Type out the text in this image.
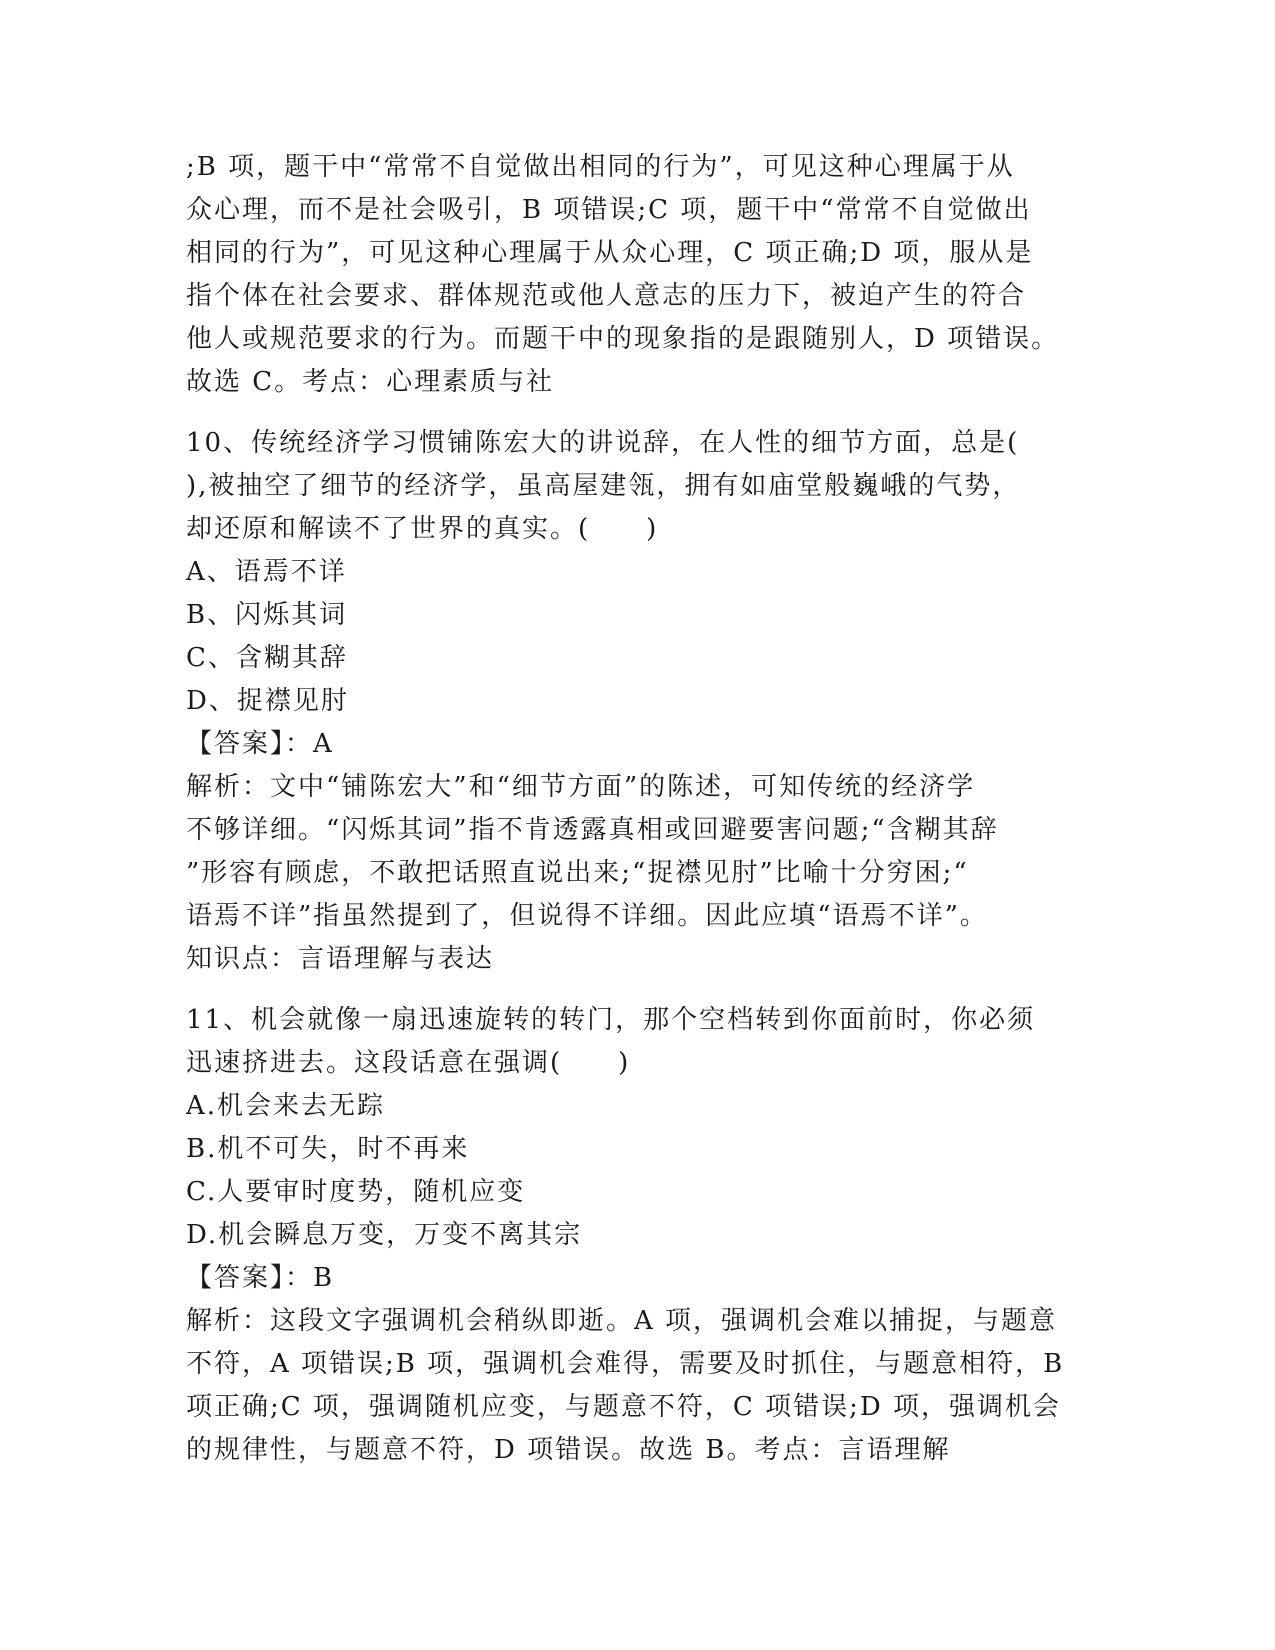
;B 项，题干中“常常不自觉做出相同的行为”，可见这种心理属于从
众心理，而不是社会吸引，B 项错误;C 项，题干中“常常不自觉做出
相同的行为”，可见这种心理属于从众心理，C 项正确;D 项，服从是
指个体在社会要求、群体规范或他人意志的压力下，被迫产生的符合
他人或规范要求的行为。而题干中的现象指的是跟随别人，D 项错误。
故选 C。考点：心理素质与社
10、传统经济学习惯铺陈宏大的讲说辞，在人性的细节方面，总是(
),被抽空了细节的经济学，虽高屋建瓴，拥有如庙堂般巍峨的气势，
却还原和解读不了世界的真实。(　　)
A、语焉不详
B、闪烁其词
C、含糊其辞
D、捉襟见肘
【答案】：A
解析：文中“铺陈宏大”和“细节方面”的陈述，可知传统的经济学
不够详细。“闪烁其词”指不肯透露真相或回避要害问题;“含糊其辞
”形容有顾虑，不敢把话照直说出来;“捉襟见肘”比喻十分穷困;“
语焉不详”指虽然提到了，但说得不详细。因此应填“语焉不详”。
知识点：言语理解与表达
11、机会就像一扇迅速旋转的转门，那个空档转到你面前时，你必须
迅速挤进去。这段话意在强调(　　)
A.机会来去无踪
B.机不可失，时不再来
C.人要审时度势，随机应变
D.机会瞬息万变，万变不离其宗
【答案】：B
解析：这段文字强调机会稍纵即逝。A 项，强调机会难以捕捉，与题意
不符，A 项错误;B 项，强调机会难得，需要及时抓住，与题意相符，B
项正确;C 项，强调随机应变，与题意不符，C 项错误;D 项，强调机会
的规律性，与题意不符，D 项错误。故选 B。考点：言语理解
